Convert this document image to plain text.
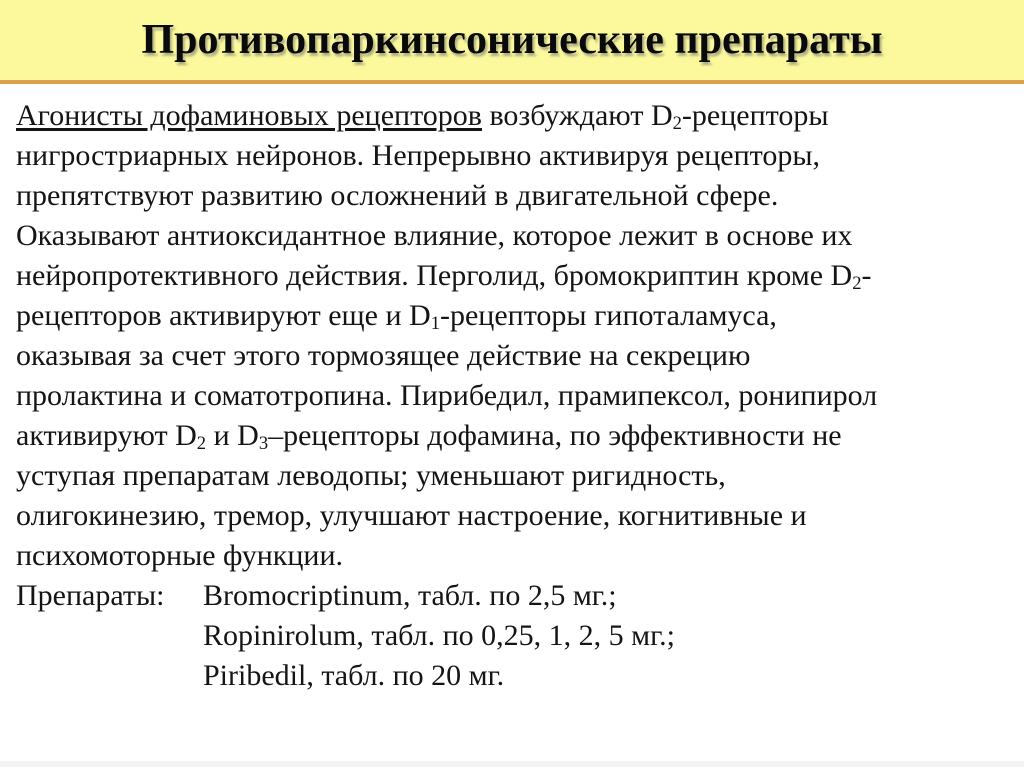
Противопаркинсонические препараты
Агонисты дофаминовых рецепторов возбуждают D2-рецепторы
нигростриарных нейронов. Непрерывно активируя рецепторы,
препятствуют развитию осложнений в двигательной сфере.
Оказывают антиоксидантное влияние, которое лежит в основе их
нейропротективного действия. Перголид, бромокриптин кроме D2-
рецепторов активируют еще и D1-рецепторы гипоталамуса,
оказывая за счет этого тормозящее действие на секрецию
пролактина и соматотропина. Пирибедил, прамипексол, ронипирол
активируют D2 и D3–рецепторы дофамина, по эффективности не
уступая препаратам леводопы; уменьшают ригидность,
олигокинезию, тремор, улучшают настроение, когнитивные и
психомоторные функции.
Препараты: Bromocriptinum, табл. по 2,5 мг.;
Ropinirolum, табл. по 0,25, 1, 2, 5 мг.;
Piribedil, табл. по 20 мг.
